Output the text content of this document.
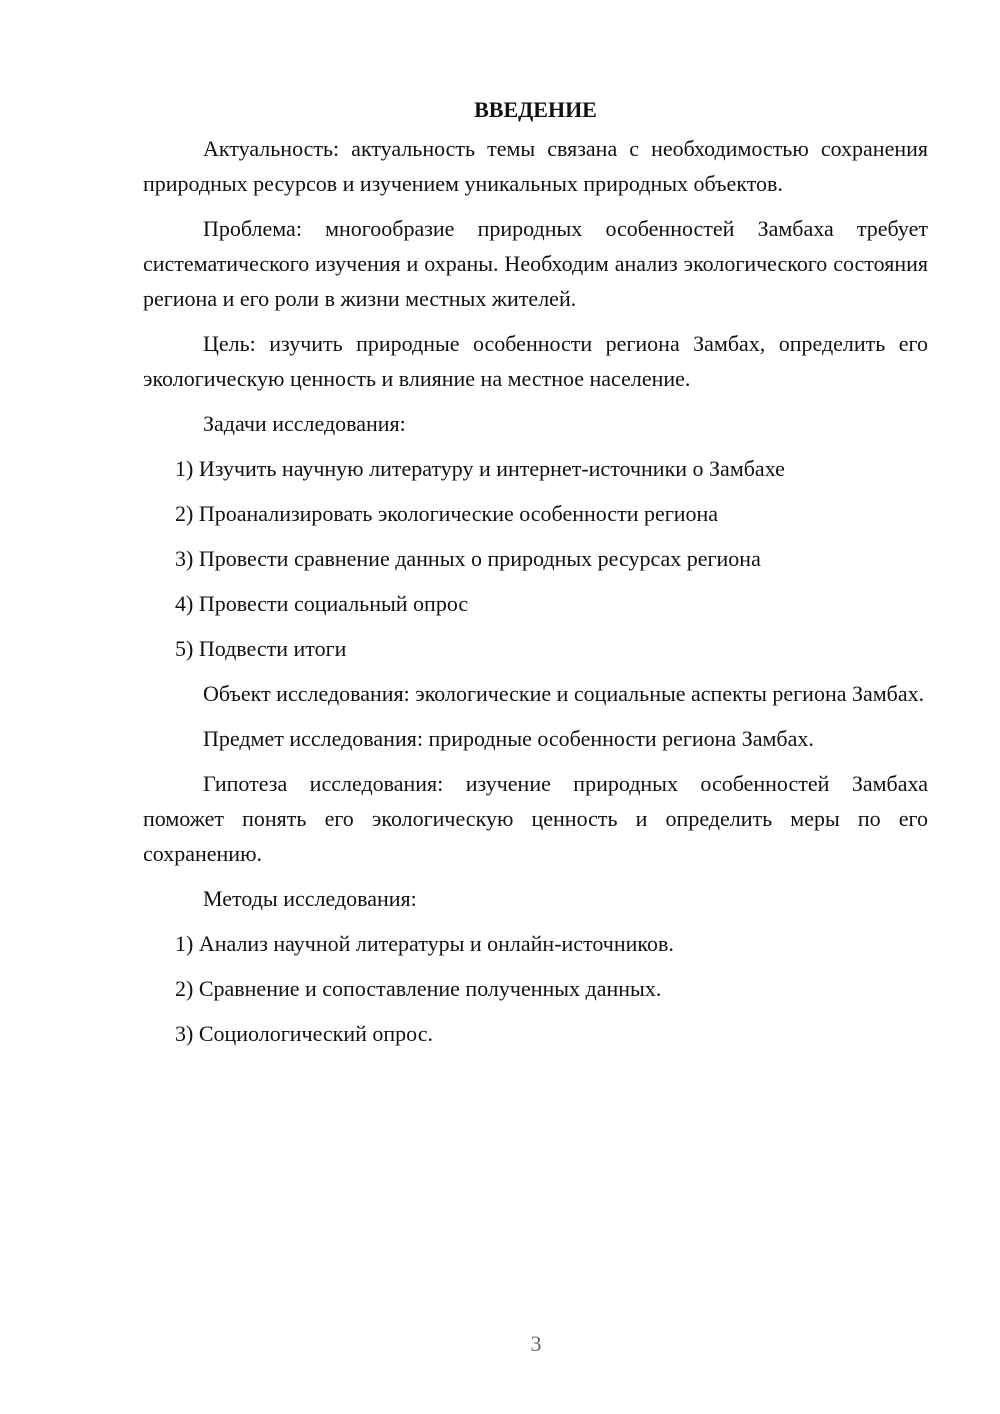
ВВЕДЕНИЕ
Актуальность: актуальность темы связана с необходимостью сохранения природных ресурсов и изучением уникальных природных объектов.
Проблема: многообразие природных особенностей Замбаха требует систематического изучения и охраны. Необходим анализ экологического состояния региона и его роли в жизни местных жителей.
Цель: изучить природные особенности региона Замбах, определить его экологическую ценность и влияние на местное население.
Задачи исследования:
1) Изучить научную литературу и интернет-источники о Замбахе
2) Проанализировать экологические особенности региона
3) Провести сравнение данных о природных ресурсах региона
4) Провести социальный опрос
5) Подвести итоги
Объект исследования: экологические и социальные аспекты региона Замбах.
Предмет исследования: природные особенности региона Замбах.
Гипотеза исследования: изучение природных особенностей Замбаха поможет понять его экологическую ценность и определить меры по его сохранению.
Методы исследования:
1) Анализ научной литературы и онлайн-источников.
2) Сравнение и сопоставление полученных данных.
3) Социологический опрос.
3
